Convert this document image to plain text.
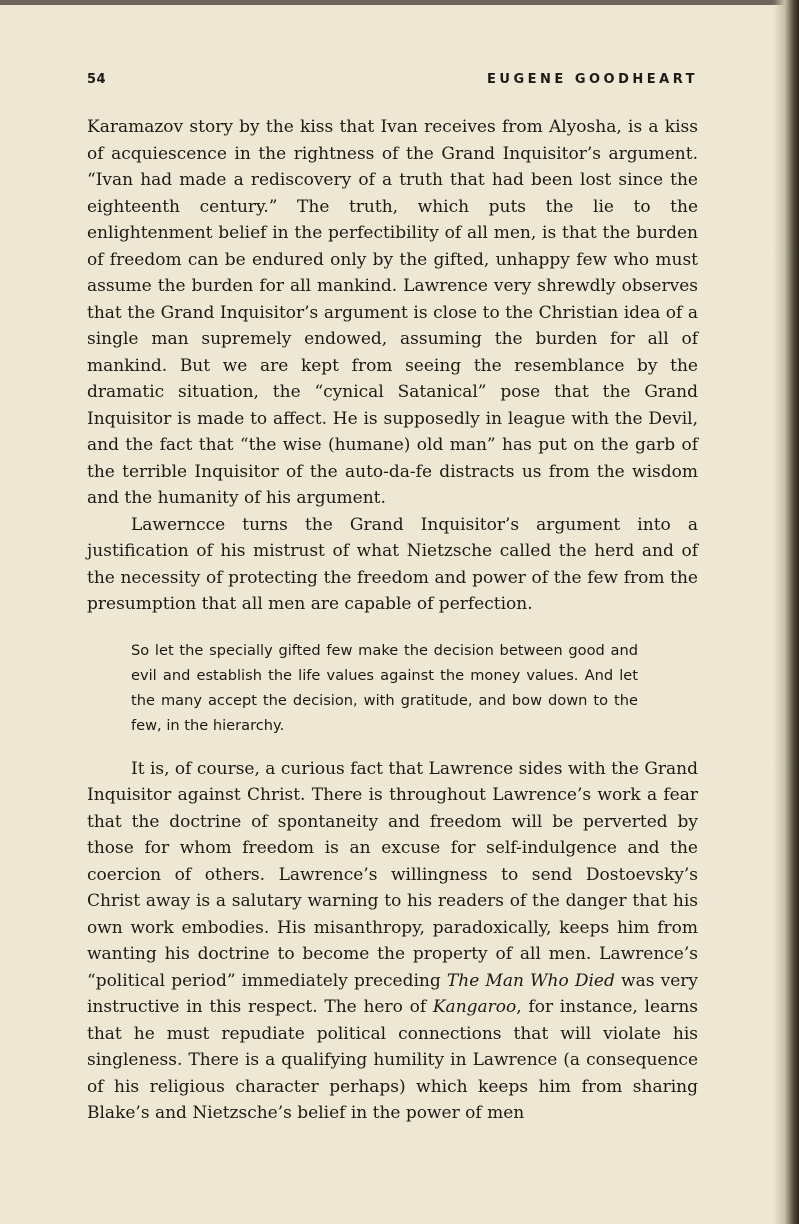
54	EUGENE GOODHEART

Karamazov story by the kiss that Ivan receives from Alyosha, is a kiss of acquiescence in the rightness of the Grand Inquisitor’s argument. “Ivan had made a rediscovery of a truth that had been lost since the eighteenth century.” The truth, which puts the lie to the enlightenment belief in the perfectibility of all men, is that the burden of freedom can be endured only by the gifted, unhappy few who must assume the burden for all mankind. Lawrence very shrewdly observes that the Grand Inquisitor’s argument is close to the Christian idea of a single man supremely endowed, assuming the burden for all of mankind. But we are kept from seeing the resemblance by the dramatic situation, the “cynical Satanical” pose that the Grand Inquisitor is made to affect. He is supposedly in league with the Devil, and the fact that “the wise (humane) old man” has put on the garb of the terrible Inquisitor of the auto-da-fe distracts us from the wisdom and the humanity of his argument.

Lawerncce turns the Grand Inquisitor’s argument into a justification of his mistrust of what Nietzsche called the herd and of the necessity of protecting the freedom and power of the few from the presumption that all men are capable of perfection.

So let the specially gifted few make the decision between good and evil and establish the life values against the money values. And let the many accept the decision, with gratitude, and bow down to the few, in the hierarchy.

It is, of course, a curious fact that Lawrence sides with the Grand Inquisitor against Christ. There is throughout Lawrence’s work a fear that the doctrine of spontaneity and freedom will be perverted by those for whom freedom is an excuse for self-indulgence and the coercion of others. Lawrence’s willingness to send Dostoevsky’s Christ away is a salutary warning to his readers of the danger that his own work embodies. His misanthropy, paradoxically, keeps him from wanting his doctrine to become the property of all men. Lawrence’s “political period” immediately preceding The Man Who Died was very instructive in this respect. The hero of Kangaroo, for instance, learns that he must repudiate political connections that will violate his singleness. There is a qualifying humility in Lawrence (a consequence of his religious character perhaps) which keeps him from sharing Blake’s and Nietzsche’s belief in the power of men
